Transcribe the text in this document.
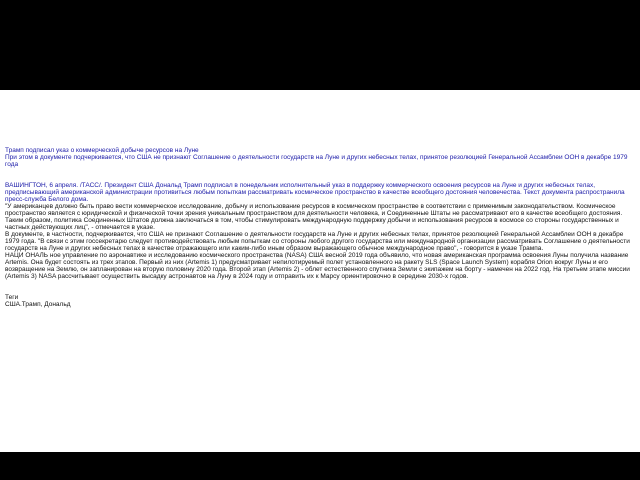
Трамп подписал указ о коммерческой добыче ресурсов на Луне

При этом в документе подчеркивается, что США не признают Соглашение о деятельности государств на Луне и других небесных телах, принятое резолюцией Генеральной Ассамблеи ООН в декабре 1979 года

ВАШИНГТОН, 6 апреля. /ТАСС/. Президент США Дональд Трамп подписал в понедельник исполнительный указ в поддержку коммерческого освоения ресурсов на Луне и других небесных телах, предписывающий американской администрации противиться любым попыткам рассматривать космическое пространство в качестве всеобщего достояния человечества. Текст документа распространила пресс-служба Белого дома.

"У американцев должно быть право вести коммерческое исследование, добычу и использование ресурсов в космическом пространстве в соответствии с применимым законодательством. Космическое пространство является с юридической и физической точки зрения уникальным пространством для деятельности человека, и Соединенные Штаты не рассматривают его в качестве всеобщего достояния. Таким образом, политика Соединенных Штатов должна заключаться в том, чтобы стимулировать международную поддержку добычи и использования ресурсов в космосе со стороны государственных и частных действующих лиц", - отмечается в указе.

В документе, в частности, подчеркивается, что США не признают Соглашение о деятельности государств на Луне и других небесных телах, принятое резолюцией Генеральной Ассамблеи ООН в декабре 1979 года. "В связи с этим госсекретарю следует противодействовать любым попыткам со стороны любого другого государства или международной организации рассматривать Соглашение о деятельности государств на Луне и других небесных телах в качестве отражающего или каким-либо иным образом выражающего обычное международное право", - говорится в указе Трампа.

НАЦИ ОНАЛЬ ное управление по аэронавтике и исследованию космического пространства (NASA) США весной 2019 года объявило, что новая американская программа освоения Луны получила название Artemis. Она будет состоять из трех этапов. Первый из них (Artemis 1) предусматривает непилотируемый полет установленного на ракету SLS (Space Launch System) корабля Orion вокруг Луны и его возвращение на Землю, он запланирован на вторую половину 2020 года. Второй этап (Artemis 2) - облет естественного спутника Земли с экипажем на борту - намечен на 2022 год. На третьем этапе миссии (Artemis 3) NASA рассчитывает осуществить высадку астронавтов на Луну в 2024 году и отправить их к Марсу ориентировочно в середине 2030-х годов.

Теги

США.Трамп, Дональд
